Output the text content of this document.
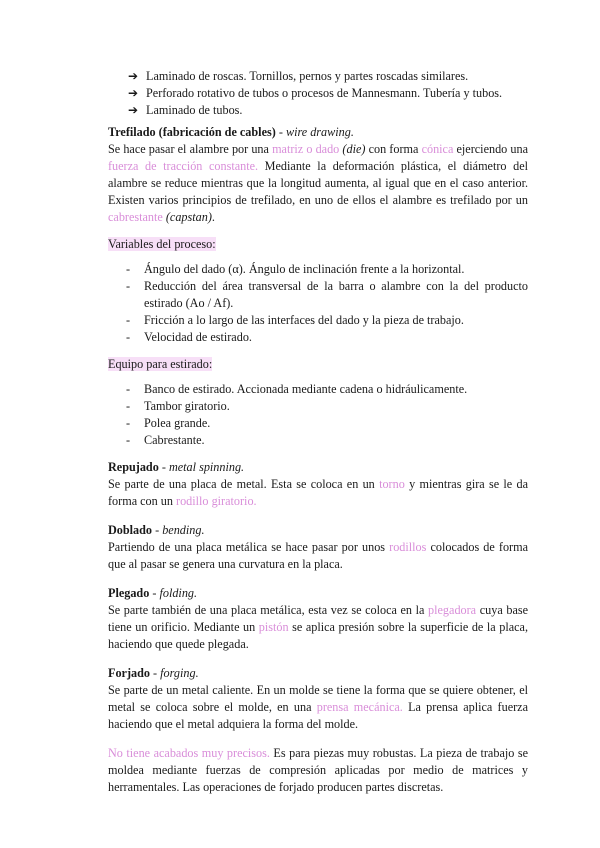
➔ Laminado de roscas. Tornillos, pernos y partes roscadas similares.
➔ Perforado rotativo de tubos o procesos de Mannesmann. Tubería y tubos.
➔ Laminado de tubos.

Trefilado (fabricación de cables) - wire drawing.

Se hace pasar el alambre por una matriz o dado (die) con forma cónica ejerciendo una fuerza de tracción constante. Mediante la deformación plástica, el diámetro del alambre se reduce mientras que la longitud aumenta, al igual que en el caso anterior. Existen varios principios de trefilado, en uno de ellos el alambre es trefilado por un cabrestante (capstan).

Variables del proceso:

-	Ángulo del dado (α). Ángulo de inclinación frente a la horizontal.
-	Reducción del área transversal de la barra o alambre con la del producto estirado (Ao / Af).
-	Fricción a lo largo de las interfaces del dado y la pieza de trabajo.
-	Velocidad de estirado.

Equipo para estirado:

-	Banco de estirado. Accionada mediante cadena o hidráulicamente.
-	Tambor giratorio.
-	Polea grande.
-	Cabrestante.

Repujado - metal spinning.

Se parte de una placa de metal. Esta se coloca en un torno y mientras gira se le da forma con un rodillo giratorio.

Doblado - bending.

Partiendo de una placa metálica se hace pasar por unos rodillos colocados de forma que al pasar se genera una curvatura en la placa.

Plegado - folding.

Se parte también de una placa metálica, esta vez se coloca en la plegadora cuya base tiene un orificio. Mediante un pistón se aplica presión sobre la superficie de la placa, haciendo que quede plegada.

Forjado - forging.

Se parte de un metal caliente. En un molde se tiene la forma que se quiere obtener, el metal se coloca sobre el molde, en una prensa mecánica. La prensa aplica fuerza haciendo que el metal adquiera la forma del molde.

No tiene acabados muy precisos. Es para piezas muy robustas. La pieza de trabajo se moldea mediante fuerzas de compresión aplicadas por medio de matrices y herramentales. Las operaciones de forjado producen partes discretas.
